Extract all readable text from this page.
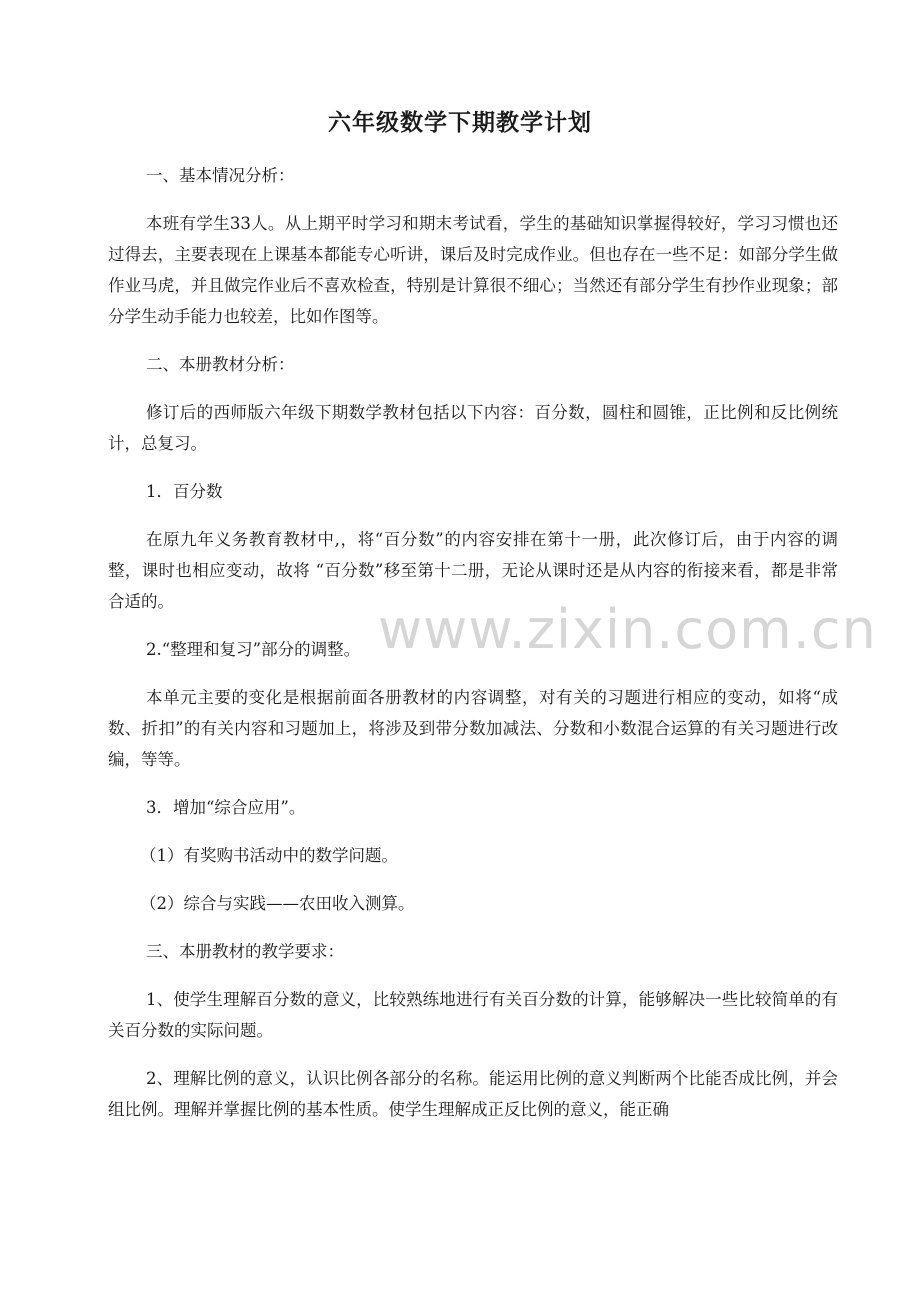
六年级数学下期教学计划

一、基本情况分析：

本班有学生33人。从上期平时学习和期末考试看，学生的基础知识掌握得较好，学习习惯也还过得去，主要表现在上课基本都能专心听讲，课后及时完成作业。但也存在一些不足：如部分学生做作业马虎，并且做完作业后不喜欢检查，特别是计算很不细心；当然还有部分学生有抄作业现象；部分学生动手能力也较差，比如作图等。

二、本册教材分析：

修订后的西师版六年级下期数学教材包括以下内容：百分数，圆柱和圆锥，正比例和反比例统计，总复习。

1．百分数

在原九年义务教育教材中,，将“百分数”的内容安排在第十一册，此次修订后，由于内容的调整，课时也相应变动，故将 “百分数”移至第十二册，无论从课时还是从内容的衔接来看，都是非常合适的。

2.“整理和复习”部分的调整。

本单元主要的变化是根据前面各册教材的内容调整，对有关的习题进行相应的变动，如将“成数、折扣”的有关内容和习题加上，将涉及到带分数加减法、分数和小数混合运算的有关习题进行改编，等等。

3．增加“综合应用”。

（1）有奖购书活动中的数学问题。

（2）综合与实践——农田收入测算。

三、本册教材的教学要求：

1、使学生理解百分数的意义，比较熟练地进行有关百分数的计算，能够解决一些比较简单的有关百分数的实际问题。

2、理解比例的意义，认识比例各部分的名称。能运用比例的意义判断两个比能否成比例，并会组比例。理解并掌握比例的基本性质。使学生理解成正反比例的意义，能正确

www.zixin.com.cn
